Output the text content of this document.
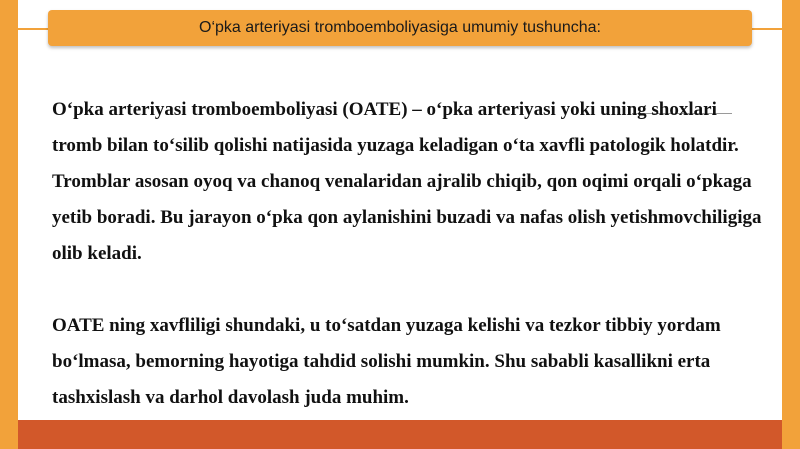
O‘pka arteriyasi tromboemboliyasiga umumiy tushuncha:

O‘pka arteriyasi tromboemboliyasi (OATE) – o‘pka arteriyasi yoki uning shoxlari tromb bilan to‘silib qolishi natijasida yuzaga keladigan o‘ta xavfli patologik holatdir. Tromblar asosan oyoq va chanoq venalaridan ajralib chiqib, qon oqimi orqali o‘pkaga yetib boradi. Bu jarayon o‘pka qon aylanishini buzadi va nafas olish yetishmovchiligiga olib keladi.

OATE ning xavfliligi shundaki, u to‘satdan yuzaga kelishi va tezkor tibbiy yordam bo‘lmasa, bemorning hayotiga tahdid solishi mumkin. Shu sababli kasallikni erta tashxislash va darhol davolash juda muhim.
